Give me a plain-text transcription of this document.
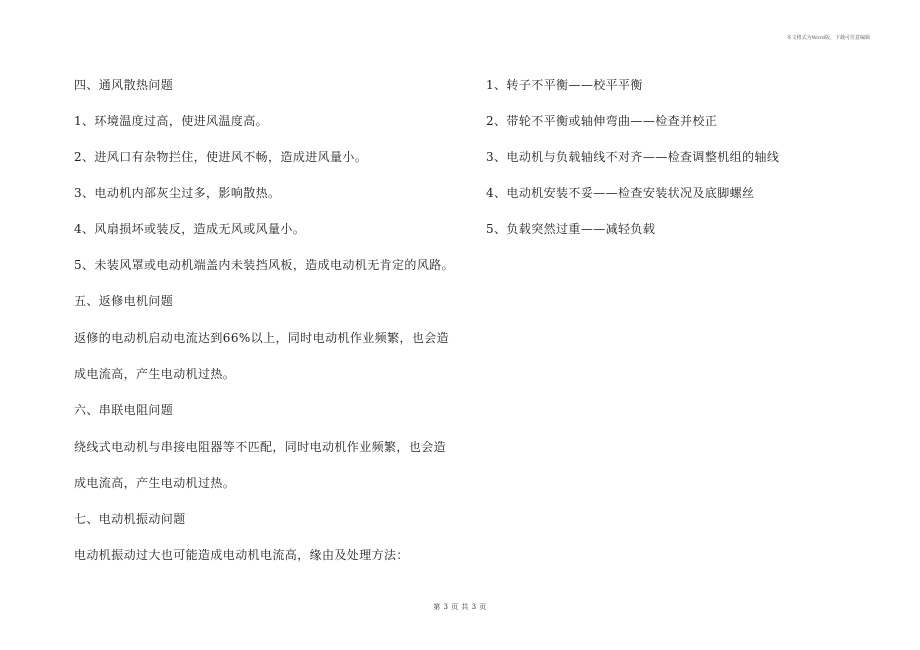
本文格式为Word版，下载可任意编辑
四、通风散热问题
1、环境温度过高，使进风温度高。
2、进风口有杂物拦住，使进风不畅，造成进风量小。
3、电动机内部灰尘过多，影响散热。
4、风扇损坏或装反，造成无风或风量小。
5、未装风罩或电动机端盖内未装挡风板，造成电动机无肯定的风路。
五、返修电机问题
返修的电动机启动电流达到66%以上，同时电动机作业频繁，也会造
成电流高，产生电动机过热。
六、串联电阻问题
绕线式电动机与串接电阻器等不匹配，同时电动机作业频繁，也会造
成电流高，产生电动机过热。
七、电动机振动问题
电动机振动过大也可能造成电动机电流高，缘由及处理方法：
1、转子不平衡——校平平衡
2、带轮不平衡或轴伸弯曲——检查并校正
3、电动机与负载轴线不对齐——检查调整机组的轴线
4、电动机安装不妥——检查安装状况及底脚螺丝
5、负载突然过重——减轻负载
第 3 页 共 3 页
